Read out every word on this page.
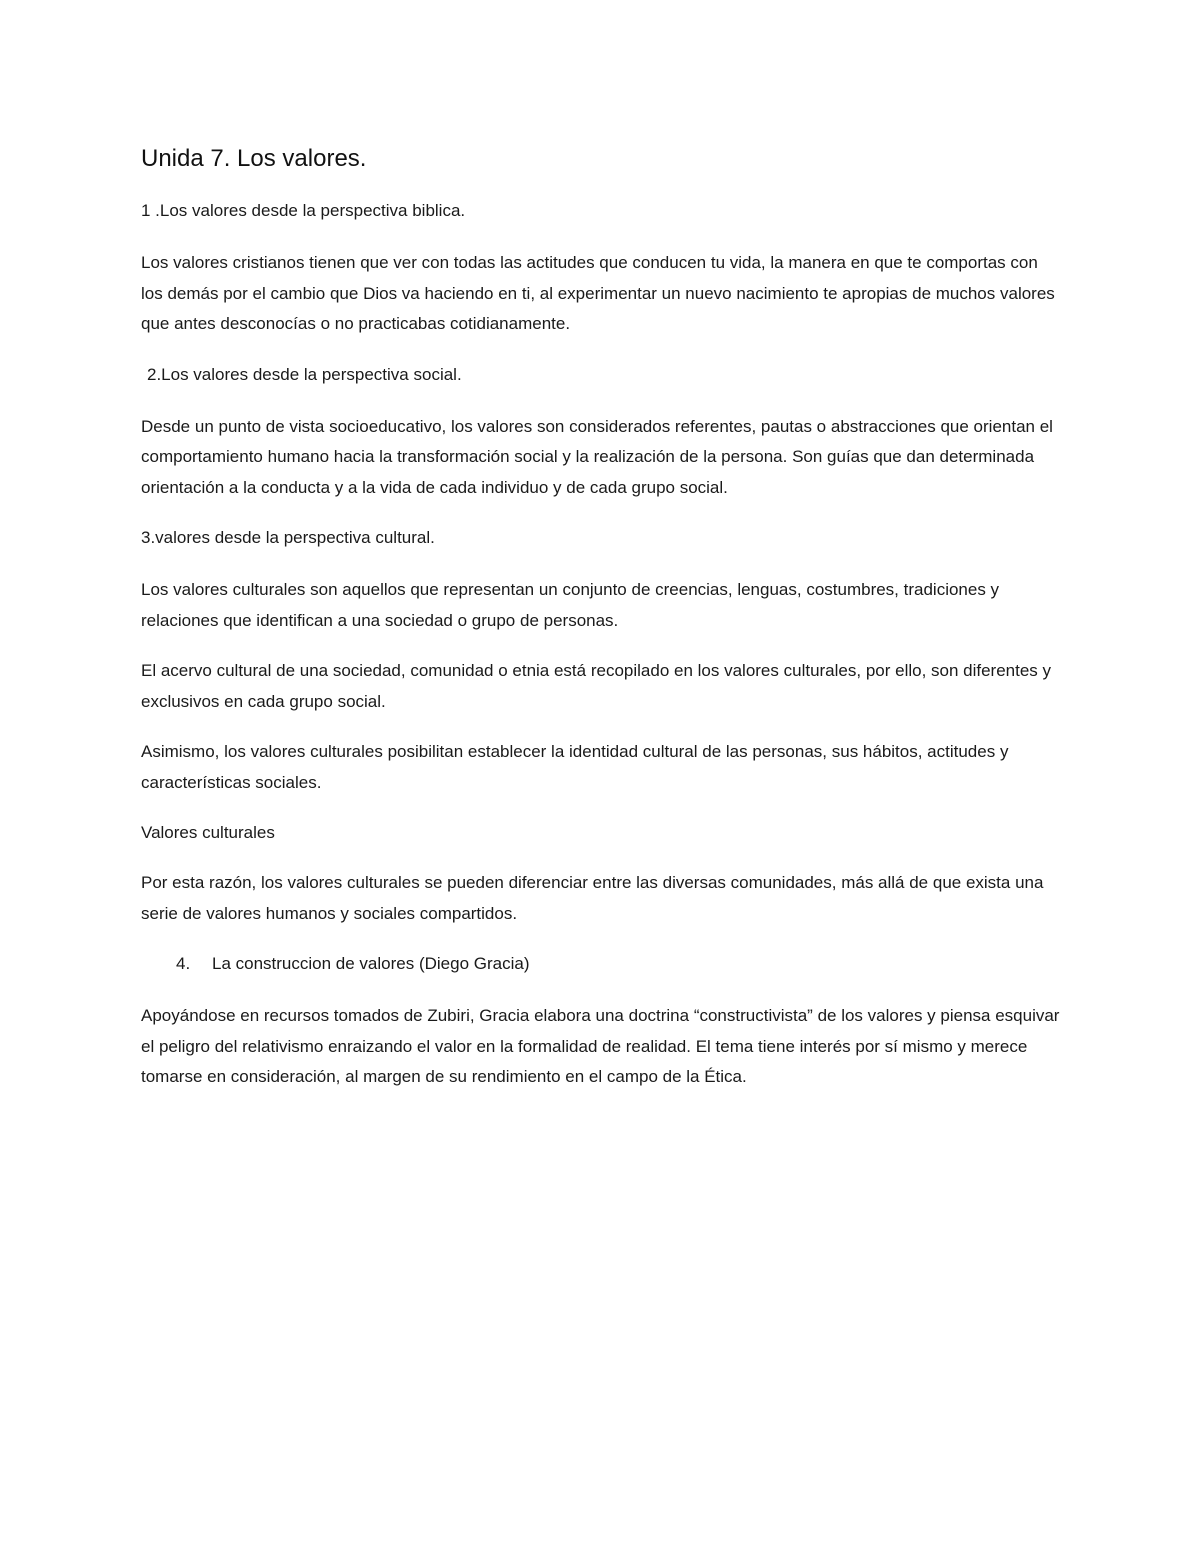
Unida 7. Los valores.
1 .Los valores desde la perspectiva biblica.

Los valores cristianos tienen que ver con todas las actitudes que conducen tu vida, la manera en que te comportas con los demás por el cambio que Dios va haciendo en ti, al experimentar un nuevo nacimiento te apropias de muchos valores que antes desconocías o no practicabas cotidianamente.

2.Los valores desde la perspectiva social.

Desde un punto de vista socioeducativo, los valores son considerados referentes, pautas o abstracciones que orientan el comportamiento humano hacia la transformación social y la realización de la persona. Son guías que dan determinada orientación a la conducta y a la vida de cada individuo y de cada grupo social.

3.valores desde la perspectiva cultural.

Los valores culturales son aquellos que representan un conjunto de creencias, lenguas, costumbres, tradiciones y relaciones que identifican a una sociedad o grupo de personas.

El acervo cultural de una sociedad, comunidad o etnia está recopilado en los valores culturales, por ello, son diferentes y exclusivos en cada grupo social.

Asimismo, los valores culturales posibilitan establecer la identidad cultural de las personas, sus hábitos, actitudes y características sociales.

Valores culturales

Por esta razón, los valores culturales se pueden diferenciar entre las diversas comunidades, más allá de que exista una serie de valores humanos y sociales compartidos.

4. La construccion de valores (Diego Gracia)

Apoyándose en recursos tomados de Zubiri, Gracia elabora una doctrina “constructivista” de los valores y piensa esquivar el peligro del relativismo enraizando el valor en la formalidad de realidad. El tema tiene interés por sí mismo y merece tomarse en consideración, al margen de su rendimiento en el campo de la Ética.
